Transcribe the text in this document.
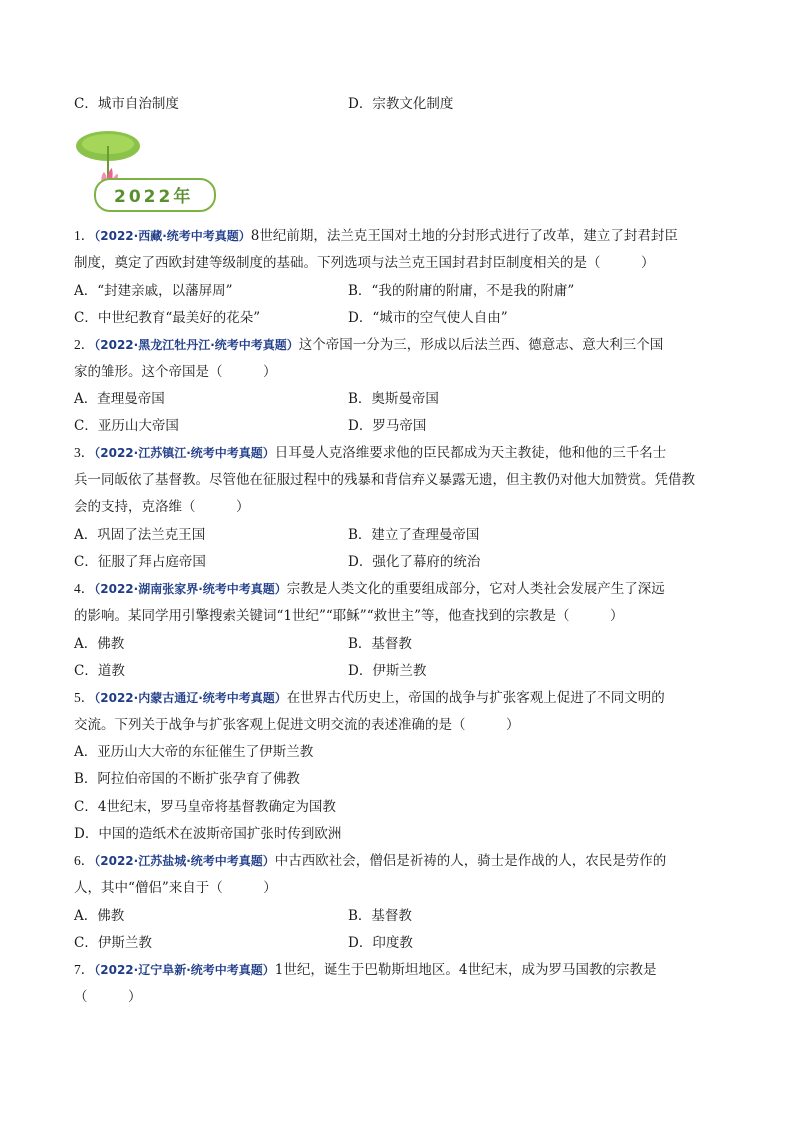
C．城市自治制度	D．宗教文化制度
2022年
1．（2022·西藏·统考中考真题）8世纪前期，法兰克王国对土地的分封形式进行了改革，建立了封君封臣
制度，奠定了西欧封建等级制度的基础。下列选项与法兰克王国封君封臣制度相关的是（　　　）
A．“封建亲戚，以藩屏周”	B．“我的附庸的附庸，不是我的附庸”
C．中世纪教育“最美好的花朵”	D．“城市的空气使人自由”
2．（2022·黑龙江牡丹江·统考中考真题）这个帝国一分为三，形成以后法兰西、德意志、意大利三个国
家的雏形。这个帝国是（　　　）
A．查理曼帝国	B．奥斯曼帝国
C．亚历山大帝国	D．罗马帝国
3．（2022·江苏镇江·统考中考真题）日耳曼人克洛维要求他的臣民都成为天主教徒，他和他的三千名士
兵一同皈依了基督教。尽管他在征服过程中的残暴和背信弃义暴露无遗，但主教仍对他大加赞赏。凭借教
会的支持，克洛维（　　　）
A．巩固了法兰克王国	B．建立了查理曼帝国
C．征服了拜占庭帝国	D．强化了幕府的统治
4．（2022·湖南张家界·统考中考真题）宗教是人类文化的重要组成部分，它对人类社会发展产生了深远
的影响。某同学用引擎搜索关键词“1世纪”“耶稣”“救世主”等，他查找到的宗教是（　　　）
A．佛教	B．基督教
C．道教	D．伊斯兰教
5．（2022·内蒙古通辽·统考中考真题）在世界古代历史上，帝国的战争与扩张客观上促进了不同文明的
交流。下列关于战争与扩张客观上促进文明交流的表述准确的是（　　　）
A．亚历山大大帝的东征催生了伊斯兰教
B．阿拉伯帝国的不断扩张孕育了佛教
C．4世纪末，罗马皇帝将基督教确定为国教
D．中国的造纸术在波斯帝国扩张时传到欧洲
6．（2022·江苏盐城·统考中考真题）中古西欧社会，僧侣是祈祷的人，骑士是作战的人，农民是劳作的
人，其中“僧侣”来自于（　　　）
A．佛教	B．基督教
C．伊斯兰教	D．印度教
7．（2022·辽宁阜新·统考中考真题）1世纪，诞生于巴勒斯坦地区。4世纪末，成为罗马国教的宗教是
（　　　）
